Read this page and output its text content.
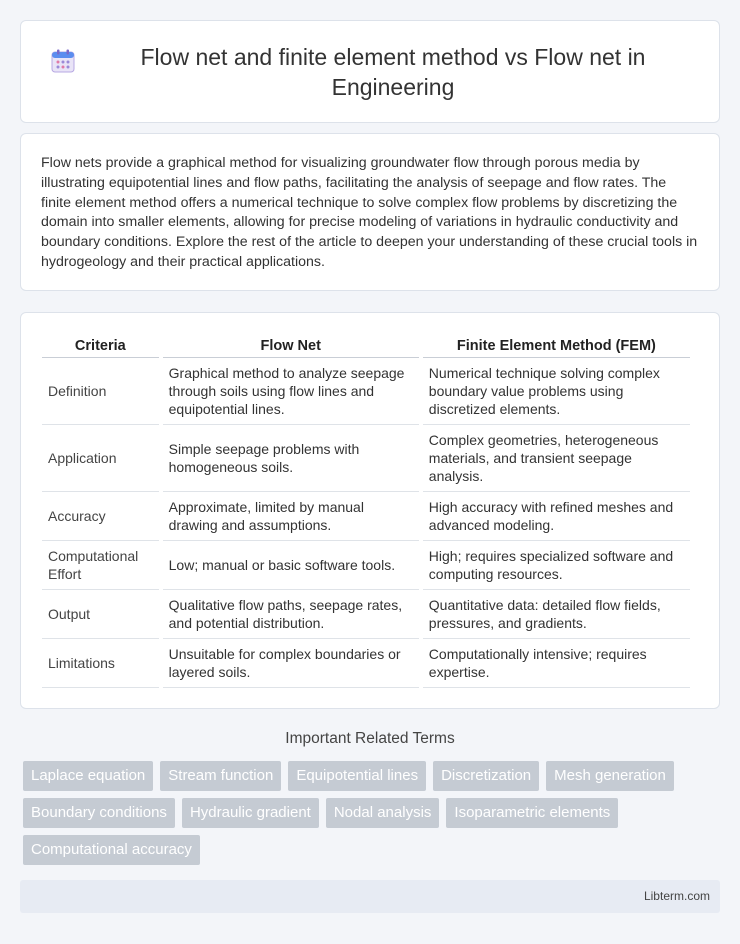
Flow net and finite element method vs Flow net in Engineering

Flow nets provide a graphical method for visualizing groundwater flow through porous media by illustrating equipotential lines and flow paths, facilitating the analysis of seepage and flow rates. The finite element method offers a numerical technique to solve complex flow problems by discretizing the domain into smaller elements, allowing for precise modeling of variations in hydraulic conductivity and boundary conditions. Explore the rest of the article to deepen your understanding of these crucial tools in hydrogeology and their practical applications.

Criteria	Flow Net	Finite Element Method (FEM)
Definition	Graphical method to analyze seepage through soils using flow lines and equipotential lines.	Numerical technique solving complex boundary value problems using discretized elements.
Application	Simple seepage problems with homogeneous soils.	Complex geometries, heterogeneous materials, and transient seepage analysis.
Accuracy	Approximate, limited by manual drawing and assumptions.	High accuracy with refined meshes and advanced modeling.
Computational Effort	Low; manual or basic software tools.	High; requires specialized software and computing resources.
Output	Qualitative flow paths, seepage rates, and potential distribution.	Quantitative data: detailed flow fields, pressures, and gradients.
Limitations	Unsuitable for complex boundaries or layered soils.	Computationally intensive; requires expertise.
Important Related Terms
Laplace equation	Stream function	Equipotential lines	Discretization	Mesh generation
Boundary conditions	Hydraulic gradient	Nodal analysis	Isoparametric elements
Computational accuracy
Libterm.com
